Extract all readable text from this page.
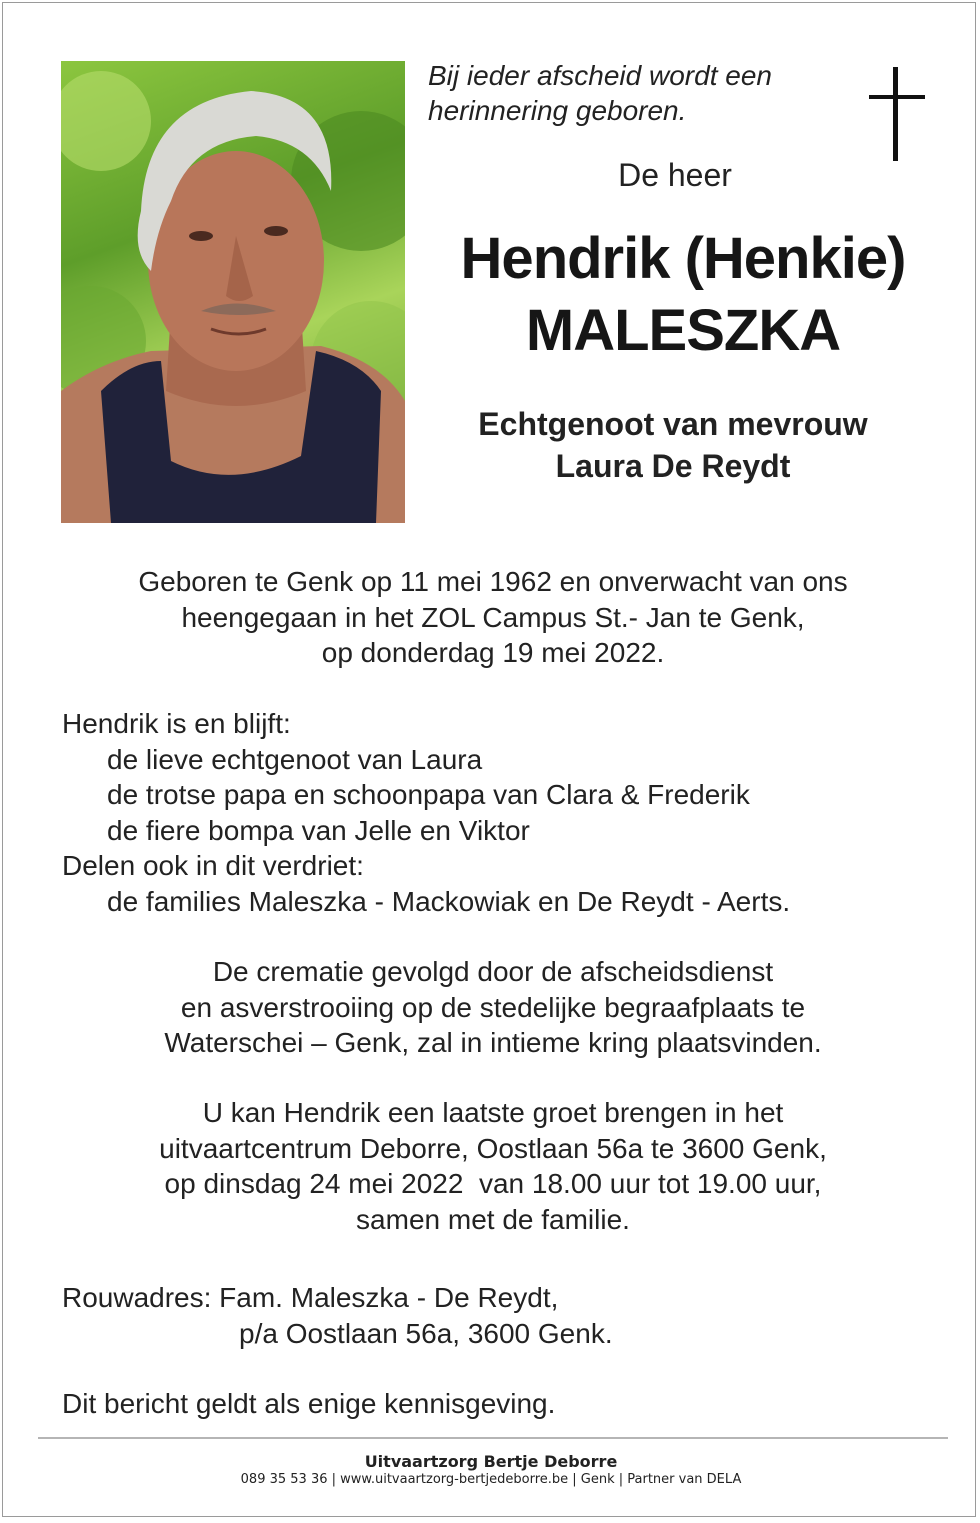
Bij ieder afscheid wordt een
herinnering geboren.
De heer
Hendrik (Henkie)
MALESZKA
Echtgenoot van mevrouw
Laura De Reydt
Geboren te Genk op 11 mei 1962 en onverwacht van ons
heengegaan in het ZOL Campus St.- Jan te Genk,
op donderdag 19 mei 2022.
Hendrik is en blijft:
de lieve echtgenoot van Laura
de trotse papa en schoonpapa van Clara & Frederik
de fiere bompa van Jelle en Viktor
Delen ook in dit verdriet:
de families Maleszka - Mackowiak en De Reydt - Aerts.
De crematie gevolgd door de afscheidsdienst
en asverstrooiing op de stedelijke begraafplaats te
Waterschei – Genk, zal in intieme kring plaatsvinden.
U kan Hendrik een laatste groet brengen in het
uitvaartcentrum Deborre, Oostlaan 56a te 3600 Genk,
op dinsdag 24 mei 2022  van 18.00 uur tot 19.00 uur,
samen met de familie.
Rouwadres: Fam. Maleszka - De Reydt,
p/a Oostlaan 56a, 3600 Genk.
Dit bericht geldt als enige kennisgeving.
Uitvaartzorg Bertje Deborre
089 35 53 36 | www.uitvaartzorg-bertjedeborre.be | Genk | Partner van DELA
